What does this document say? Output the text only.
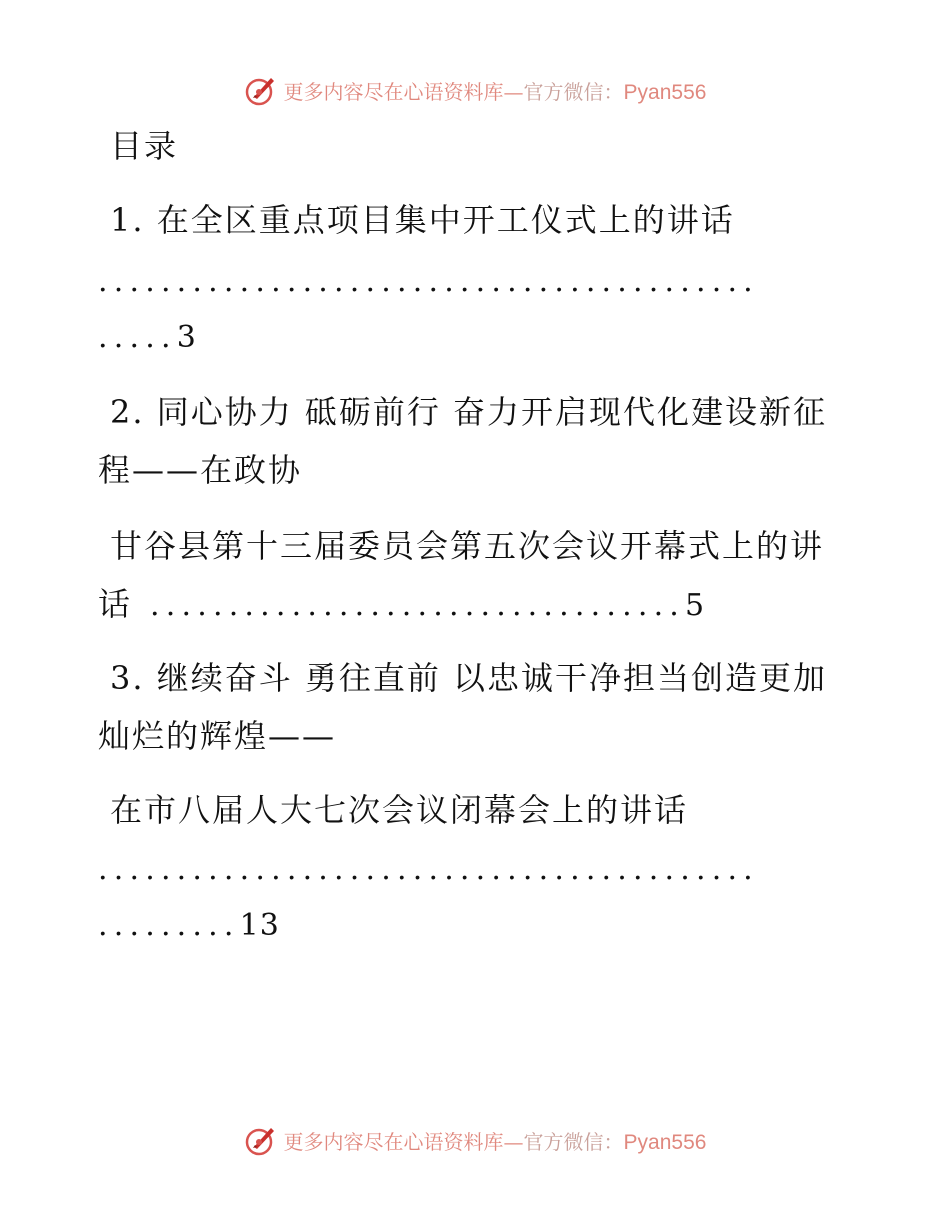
更多内容尽在心语资料库—官方微信：Pyan556
目录
1. 在全区重点项目集中开工仪式上的讲话
..........................................
.....3
2. 同心协力 砥砺前行 奋力开启现代化建设新征
程——在政协
甘谷县第十三届委员会第五次会议开幕式上的讲
话 ..................................5
3. 继续奋斗 勇往直前 以忠诚干净担当创造更加
灿烂的辉煌——
在市八届人大七次会议闭幕会上的讲话
..........................................
.........13
更多内容尽在心语资料库—官方微信：Pyan556
